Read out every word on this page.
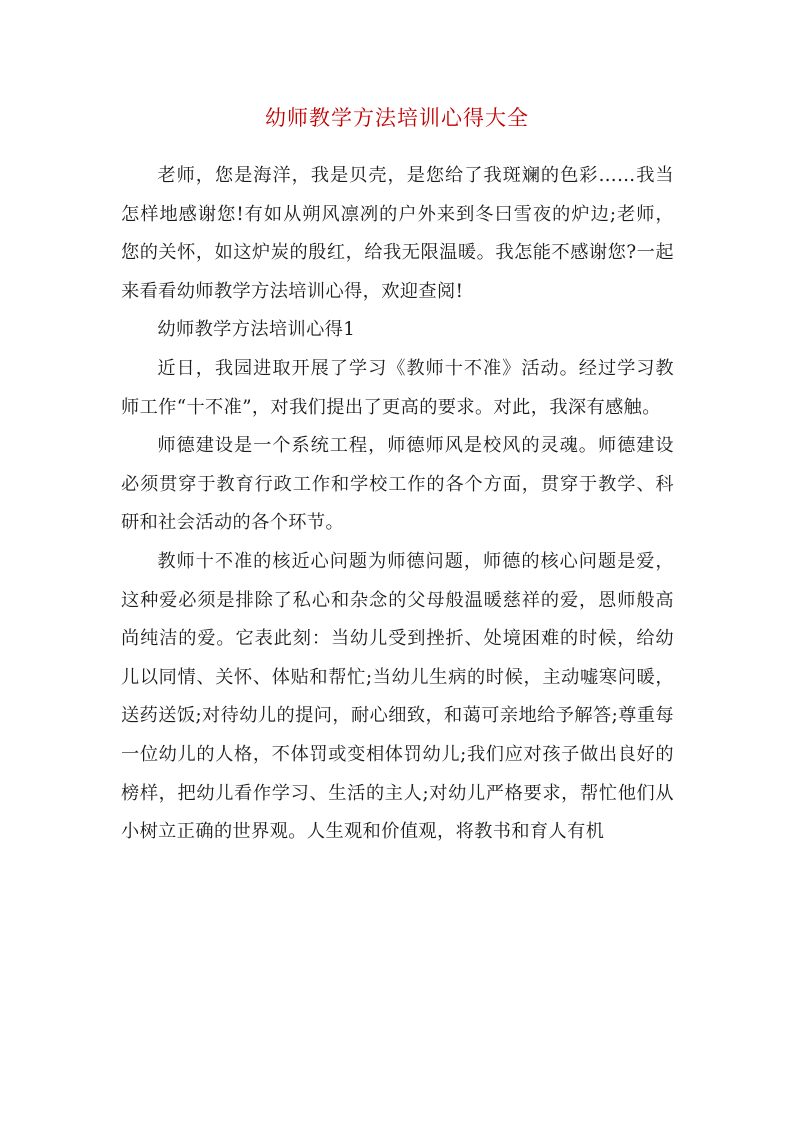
幼师教学方法培训心得大全

老师，您是海洋，我是贝壳，是您给了我斑斓的色彩……我当怎样地感谢您!有如从朔风凛冽的户外来到冬曰雪夜的炉边;老师，您的关怀，如这炉炭的殷红，给我无限温暖。我怎能不感谢您?一起来看看幼师教学方法培训心得，欢迎查阅!

幼师教学方法培训心得1

近日，我园进取开展了学习《教师十不准》活动。经过学习教师工作“十不准”，对我们提出了更高的要求。对此，我深有感触。

师德建设是一个系统工程，师德师风是校风的灵魂。师德建设必须贯穿于教育行政工作和学校工作的各个方面，贯穿于教学、科研和社会活动的各个环节。

教师十不准的核近心问题为师德问题，师德的核心问题是爱，这种爱必须是排除了私心和杂念的父母般温暖慈祥的爱，恩师般高尚纯洁的爱。它表此刻：当幼儿受到挫折、处境困难的时候，给幼儿以同情、关怀、体贴和帮忙;当幼儿生病的时候，主动嘘寒问暖，送药送饭;对待幼儿的提问，耐心细致，和蔼可亲地给予解答;尊重每一位幼儿的人格，不体罚或变相体罚幼儿;我们应对孩子做出良好的榜样，把幼儿看作学习、生活的主人;对幼儿严格要求，帮忙他们从小树立正确的世界观。人生观和价值观，将教书和育人有机
